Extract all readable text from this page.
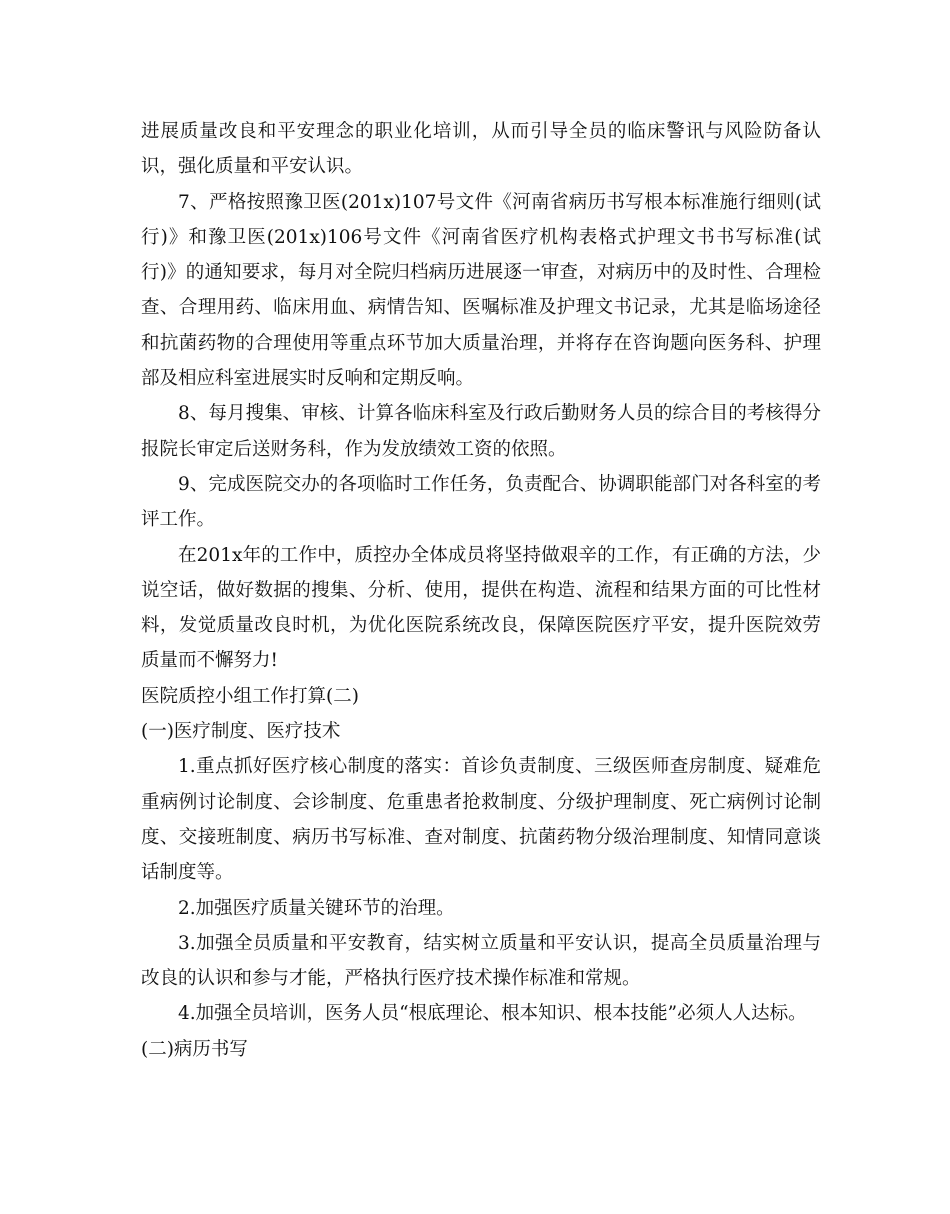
进展质量改良和平安理念的职业化培训，从而引导全员的临床警讯与风险防备认识，强化质量和平安认识。

7、严格按照豫卫医(201x)107号文件《河南省病历书写根本标准施行细则(试行)》和豫卫医(201x)106号文件《河南省医疗机构表格式护理文书书写标准(试行)》的通知要求，每月对全院归档病历进展逐一审查，对病历中的及时性、合理检查、合理用药、临床用血、病情告知、医嘱标准及护理文书记录，尤其是临场途径和抗菌药物的合理使用等重点环节加大质量治理，并将存在咨询题向医务科、护理部及相应科室进展实时反响和定期反响。

8、每月搜集、审核、计算各临床科室及行政后勤财务人员的综合目的考核得分报院长审定后送财务科，作为发放绩效工资的依照。

9、完成医院交办的各项临时工作任务，负责配合、协调职能部门对各科室的考评工作。

在201x年的工作中，质控办全体成员将坚持做艰辛的工作，有正确的方法，少说空话，做好数据的搜集、分析、使用，提供在构造、流程和结果方面的可比性材料，发觉质量改良时机，为优化医院系统改良，保障医院医疗平安，提升医院效劳质量而不懈努力!

医院质控小组工作打算(二)

(一)医疗制度、医疗技术

1.重点抓好医疗核心制度的落实：首诊负责制度、三级医师查房制度、疑难危重病例讨论制度、会诊制度、危重患者抢救制度、分级护理制度、死亡病例讨论制度、交接班制度、病历书写标准、查对制度、抗菌药物分级治理制度、知情同意谈话制度等。

2.加强医疗质量关键环节的治理。

3.加强全员质量和平安教育，结实树立质量和平安认识，提高全员质量治理与改良的认识和参与才能，严格执行医疗技术操作标准和常规。

4.加强全员培训，医务人员“根底理论、根本知识、根本技能”必须人人达标。

(二)病历书写
